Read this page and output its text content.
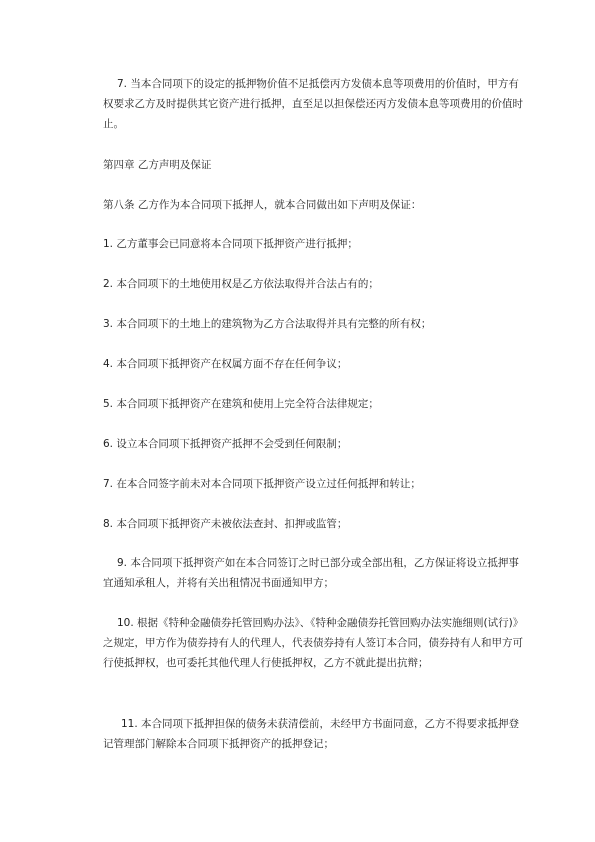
7. 当本合同项下的设定的抵押物价值不足抵偿丙方发债本息等项费用的价值时，甲方有权要求乙方及时提供其它资产进行抵押，直至足以担保偿还丙方发债本息等项费用的价值时止。

第四章 乙方声明及保证

第八条 乙方作为本合同项下抵押人，就本合同做出如下声明及保证：

1. 乙方董事会已同意将本合同项下抵押资产进行抵押；

2. 本合同项下的土地使用权是乙方依法取得并合法占有的；

3. 本合同项下的土地上的建筑物为乙方合法取得并具有完整的所有权；

4. 本合同项下抵押资产在权属方面不存在任何争议；

5. 本合同项下抵押资产在建筑和使用上完全符合法律规定；

6. 设立本合同项下抵押资产抵押不会受到任何限制；

7. 在本合同签字前未对本合同项下抵押资产设立过任何抵押和转让；

8. 本合同项下抵押资产未被依法查封、扣押或监管；

9. 本合同项下抵押资产如在本合同签订之时已部分或全部出租，乙方保证将设立抵押事宜通知承租人，并将有关出租情况书面通知甲方；

10. 根据《特种金融债券托管回购办法》、《特种金融债券托管回购办法实施细则(试行)》之规定，甲方作为债券持有人的代理人，代表债券持有人签订本合同，债券持有人和甲方可行使抵押权，也可委托其他代理人行使抵押权，乙方不就此提出抗辩；

11. 本合同项下抵押担保的债务未获清偿前，未经甲方书面同意，乙方不得要求抵押登记管理部门解除本合同项下抵押资产的抵押登记；
